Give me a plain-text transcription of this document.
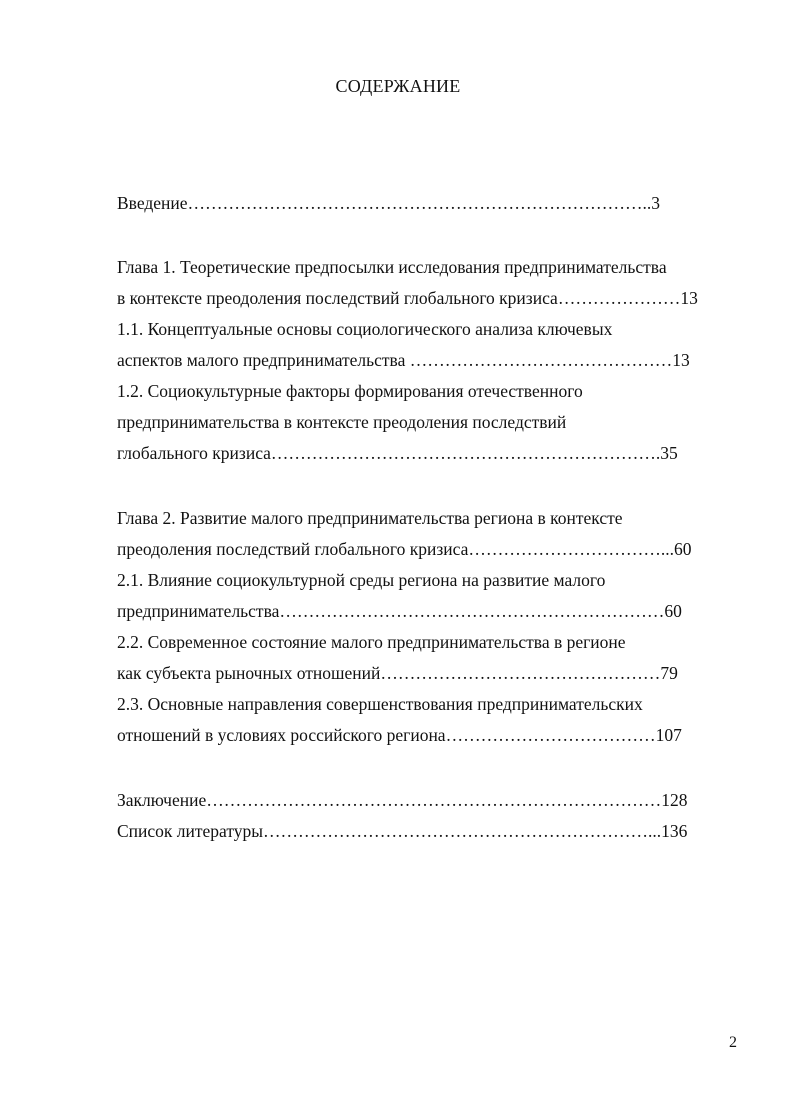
СОДЕРЖАНИЕ
Введение……………………………………………………………………..3
Глава 1. Теоретические предпосылки исследования предпринимательства
в контексте преодоления последствий глобального кризиса…………………13
1.1. Концептуальные основы социологического анализа ключевых
аспектов малого предпринимательства ………………………………………13
1.2. Социокультурные факторы формирования отечественного
предпринимательства в контексте преодоления последствий
глобального кризиса………………………………………………………….35
Глава 2. Развитие малого предпринимательства региона в контексте
преодоления последствий глобального кризиса……………………………...60
2.1. Влияние социокультурной среды региона на развитие малого
предпринимательства…………………………………………………………60
2.2. Современное состояние малого предпринимательства в регионе
как субъекта рыночных отношений…………………………………………79
2.3. Основные направления совершенствования предпринимательских
отношений в условиях российского региона………………………………107
Заключение……………………………………………………………………128
Список литературы…………………………………………………………...136
2
